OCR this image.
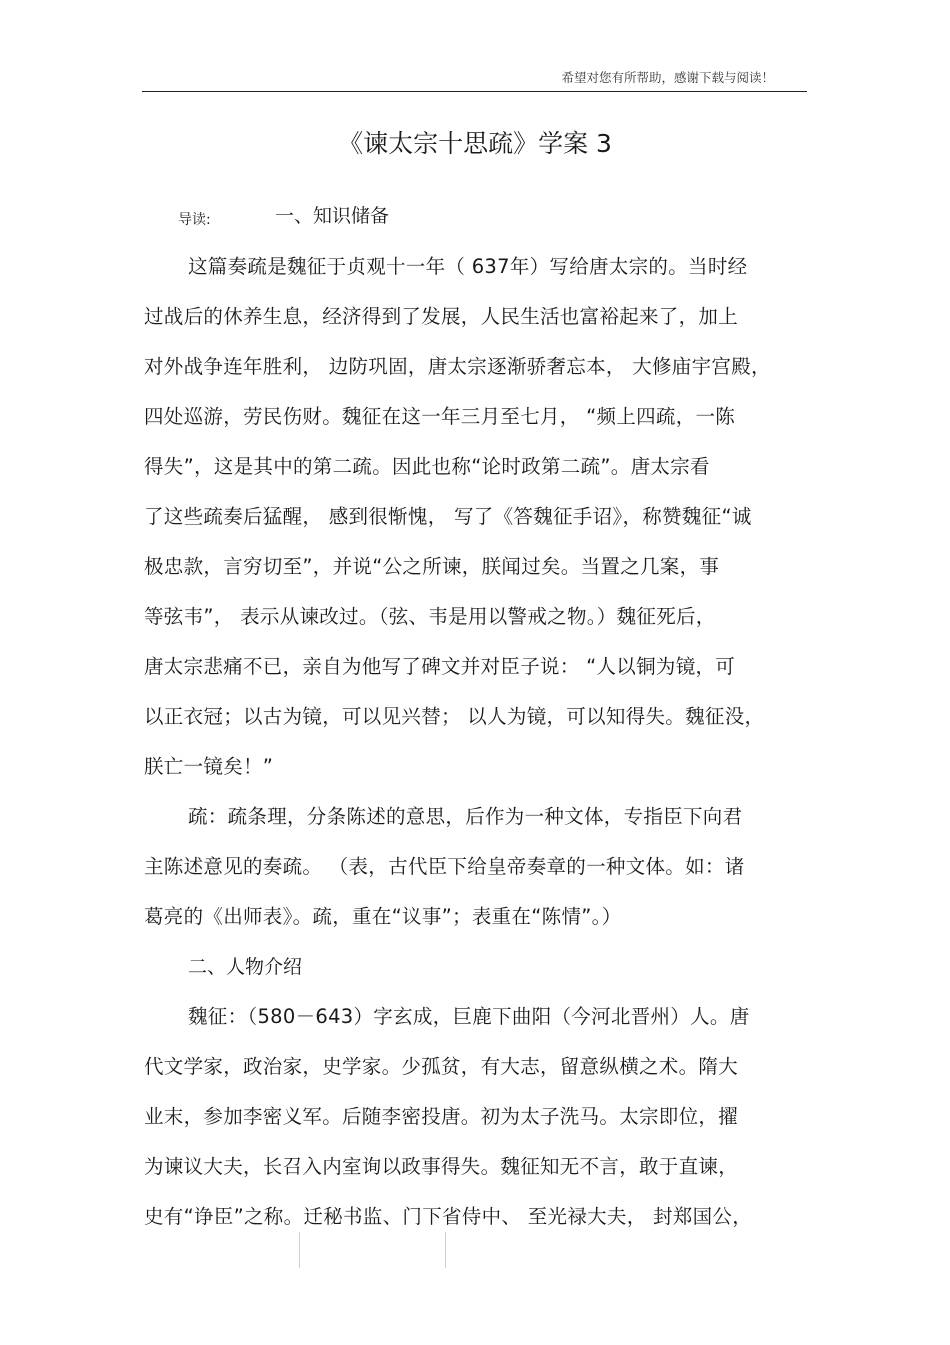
希望对您有所帮助，感谢下载与阅读！
《谏太宗十思疏》学案 3
导读:	一、知识储备
这篇奏疏是魏征于贞观十一年（ 637年）写给唐太宗的。当时经
过战后的休养生息，经济得到了发展，人民生活也富裕起来了，加上
对外战争连年胜利， 边防巩固，唐太宗逐渐骄奢忘本， 大修庙宇宫殿，
四处巡游，劳民伤财。魏征在这一年三月至七月， “频上四疏，一陈
得失”，这是其中的第二疏。因此也称“论时政第二疏”。唐太宗看
了这些疏奏后猛醒， 感到很惭愧， 写了《答魏征手诏》，称赞魏征“诚
极忠款，言穷切至”，并说“公之所谏，朕闻过矣。当置之几案，事
等弦韦”， 表示从谏改过。（弦、韦是用以警戒之物。）魏征死后，
唐太宗悲痛不已，亲自为他写了碑文并对臣子说： “人以铜为镜，可
以正衣冠；以古为镜，可以见兴替； 以人为镜，可以知得失。魏征没，
朕亡一镜矣！”
疏：疏条理，分条陈述的意思，后作为一种文体，专指臣下向君
主陈述意见的奏疏。 （表，古代臣下给皇帝奏章的一种文体。如：诸
葛亮的《出师表》。疏，重在“议事”；表重在“陈情”。）
二、人物介绍
魏征：（580－643）字玄成，巨鹿下曲阳（今河北晋州）人。唐
代文学家，政治家，史学家。少孤贫，有大志，留意纵横之术。隋大
业末，参加李密义军。后随李密投唐。初为太子洗马。太宗即位，擢
为谏议大夫，长召入内室询以政事得失。魏征知无不言，敢于直谏，
史有“诤臣”之称。迁秘书监、门下省侍中、 至光禄大夫， 封郑国公，
